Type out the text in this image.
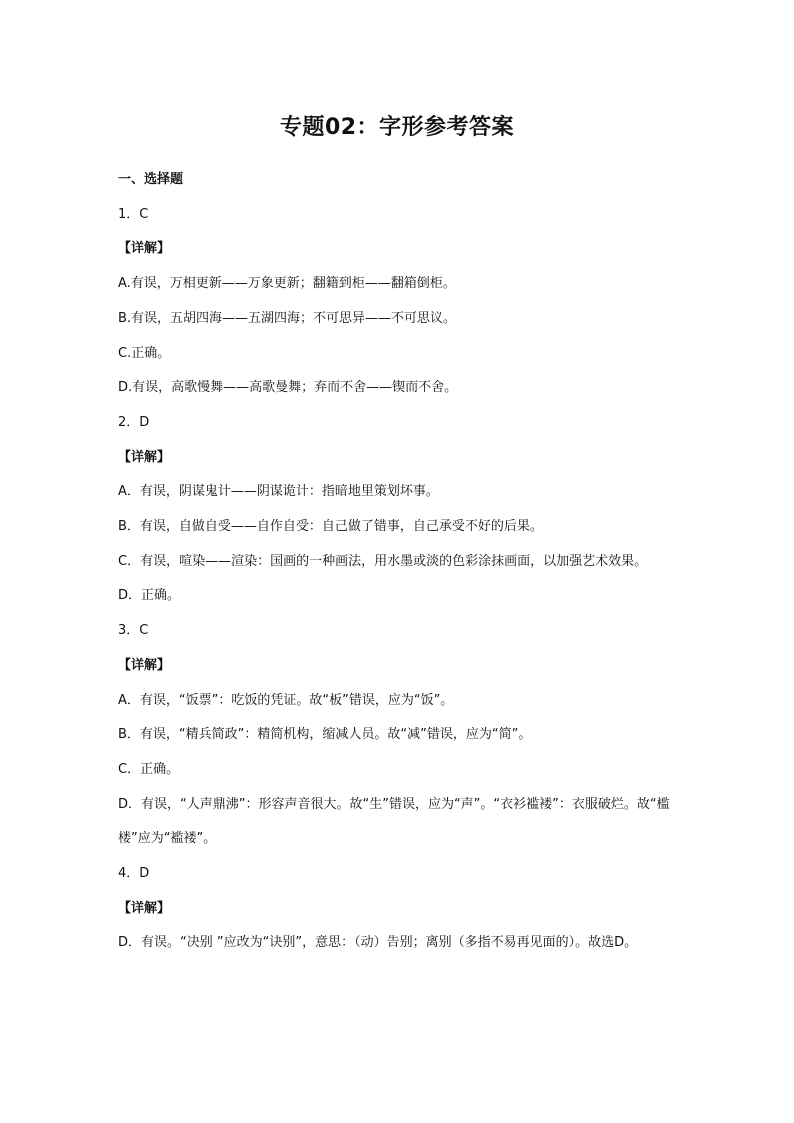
专题02：字形参考答案

一、选择题

1．C

【详解】

A.有误，万相更新——万象更新；翻籍到柜——翻箱倒柜。

B.有误，五胡四海——五湖四海；不可思异——不可思议。

C.正确。

D.有误，高歌慢舞——高歌曼舞；弃而不舍——锲而不舍。

2．D

【详解】

A．有误，阴谋鬼计——阴谋诡计：指暗地里策划坏事。

B．有误，自做自受——自作自受：自己做了错事，自己承受不好的后果。

C．有误，喧染——渲染：国画的一种画法，用水墨或淡的色彩涂抹画面，以加强艺术效果。

D．正确。

3．C

【详解】

A．有误，“饭票”：吃饭的凭证。故“板”错误，应为“饭”。

B．有误，“精兵简政”：精简机构，缩减人员。故“减”错误，应为“简”。

C．正确。

D．有误，“人声鼎沸”：形容声音很大。故“生”错误，应为“声”。“衣衫褴褛”：衣服破烂。故“槛楼”应为“褴褛”。

4．D

【详解】

D．有误。“决别 ”应改为“诀别”，意思：（动）告别；离别（多指不易再见面的）。故选D。
